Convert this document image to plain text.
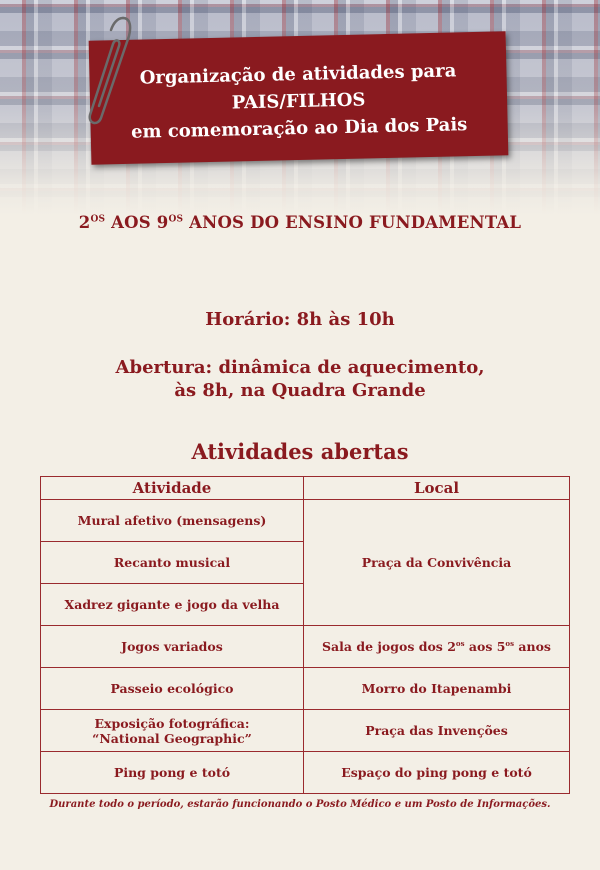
Organização de atividades para
PAIS/FILHOS
em comemoração ao Dia dos Pais
$2^{OS}$ AOS $9^{OS}$ ANOS DO ENSINO FUNDAMENTAL
Horário: 8h às 10h
Abertura: dinâmica de aquecimento,
às 8h, na Quadra Grande
Atividades abertas
Atividade	Local
Mural afetivo (mensagens)	Praça da Convivência
Recanto musical	
Xadrez gigante e jogo da velha	
Jogos variados	Sala de jogos dos $2^{os}$ aos $5^{os}$ anos
Passeio ecológico	Morro do Itapenambi

Exposição fotográfica:
“National Geographic”	Praça das Invenções
Ping pong e totó	Espaço do ping pong e totó
Durante todo o período, estarão funcionando o Posto Médico e um Posto de Informações.
